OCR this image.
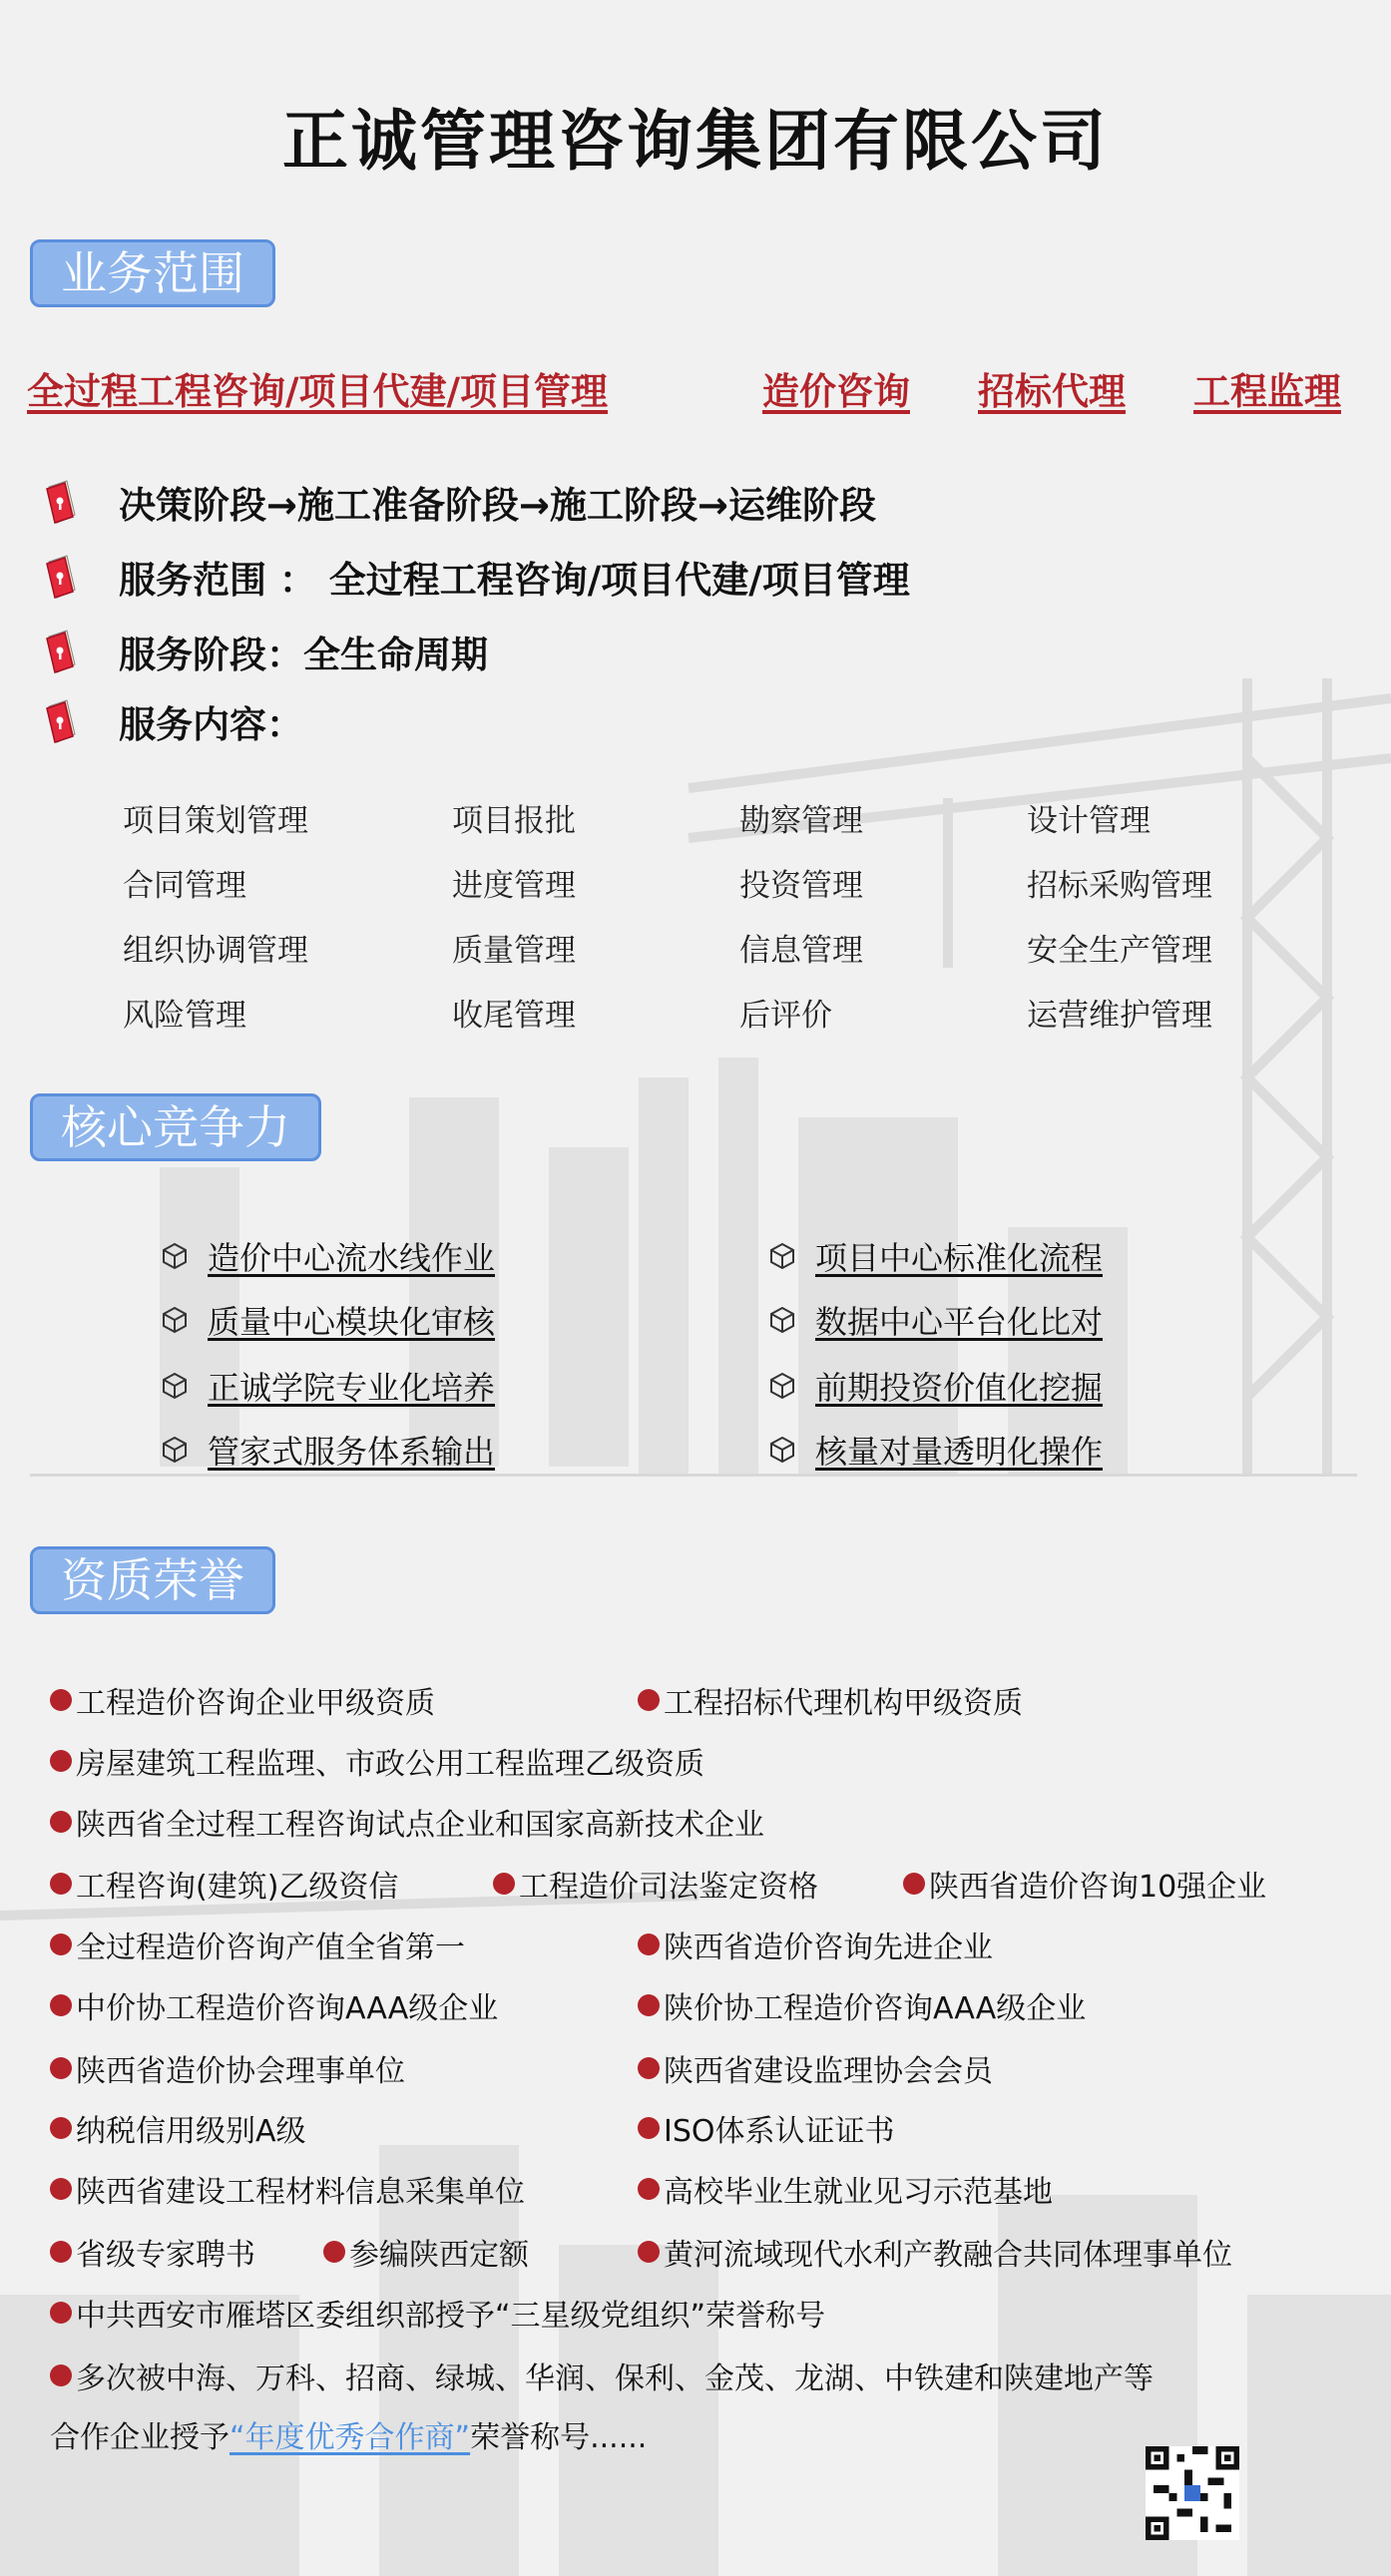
正诚管理咨询集团有限公司
业务范围
全过程工程咨询/项目代建/项目管理	造价咨询 招标代理 工程监理
决策阶段→施工准备阶段→施工阶段→运维阶段
服务范围 ： 全过程工程咨询/项目代建/项目管理
服务阶段：全生命周期
服务内容：
项目策划管理	项目报批	勘察管理	设计管理
合同管理	进度管理	投资管理	招标采购管理
组织协调管理	质量管理	信息管理	安全生产管理
风险管理	收尾管理	后评价	运营维护管理
核心竞争力
造价中心流水线作业
质量中心模块化审核
正诚学院专业化培养
管家式服务体系输出
项目中心标准化流程
数据中心平台化比对
前期投资价值化挖掘
核量对量透明化操作
资质荣誉
工程造价咨询企业甲级资质	工程招标代理机构甲级资质
房屋建筑工程监理、市政公用工程监理乙级资质
陕西省全过程工程咨询试点企业和国家高新技术企业
工程咨询(建筑)乙级资信	工程造价司法鉴定资格	陕西省造价咨询10强企业
全过程造价咨询产值全省第一	陕西省造价咨询先进企业
中价协工程造价咨询AAA级企业	陕价协工程造价咨询AAA级企业
陕西省造价协会理事单位	陕西省建设监理协会会员
纳税信用级别A级	ISO体系认证证书
陕西省建设工程材料信息采集单位	高校毕业生就业见习示范基地
省级专家聘书	参编陕西定额	黄河流域现代水利产教融合共同体理事单位
中共西安市雁塔区委组织部授予“三星级党组织”荣誉称号
多次被中海、万科、招商、绿城、华润、保利、金茂、龙湖、中铁建和陕建地产等
合作企业授予 “年度优秀合作商” 荣誉称号......
